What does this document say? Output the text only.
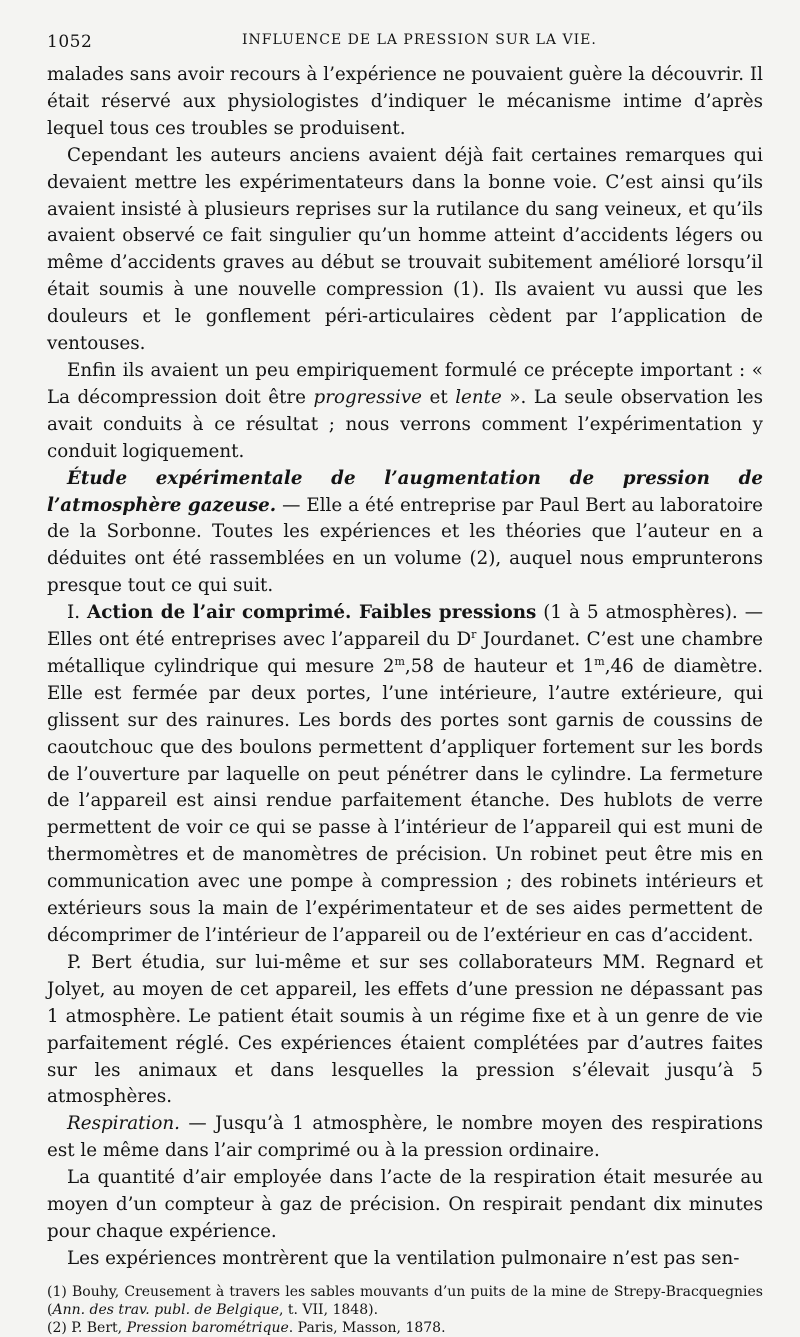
1052	INFLUENCE DE LA PRESSION SUR LA VIE.

malades sans avoir recours à l’expérience ne pouvaient guère la découvrir. Il était réservé aux physiologistes d’indiquer le mécanisme intime d’après lequel tous ces troubles se produisent.

Cependant les auteurs anciens avaient déjà fait certaines remarques qui devaient mettre les expérimentateurs dans la bonne voie. C’est ainsi qu’ils avaient insisté à plusieurs reprises sur la rutilance du sang veineux, et qu’ils avaient observé ce fait singulier qu’un homme atteint d’accidents légers ou même d’accidents graves au début se trouvait subitement amélioré lorsqu’il était soumis à une nouvelle compression (1). Ils avaient vu aussi que les douleurs et le gonflement péri-articulaires cèdent par l’application de ventouses.

Enfin ils avaient un peu empiriquement formulé ce précepte important : « La décompression doit être progressive et lente ». La seule observation les avait conduits à ce résultat ; nous verrons comment l’expérimentation y conduit logiquement.

Étude expérimentale de l’augmentation de pression de l’atmosphère gazeuse. — Elle a été entreprise par Paul Bert au laboratoire de la Sorbonne. Toutes les expériences et les théories que l’auteur en a déduites ont été rassemblées en un volume (2), auquel nous emprunterons presque tout ce qui suit.

I. Action de l’air comprimé. Faibles pressions (1 à 5 atmosphères). — Elles ont été entreprises avec l’appareil du $D^r$ Jourdanet. C’est une chambre métallique cylindrique qui mesure 2$^m$,58 de hauteur et 1$^m$,46 de diamètre. Elle est fermée par deux portes, l’une intérieure, l’autre extérieure, qui glissent sur des rainures. Les bords des portes sont garnis de coussins de caoutchouc que des boulons permettent d’appliquer fortement sur les bords de l’ouverture par laquelle on peut pénétrer dans le cylindre. La fermeture de l’appareil est ainsi rendue parfaitement étanche. Des hublots de verre permettent de voir ce qui se passe à l’intérieur de l’appareil qui est muni de thermomètres et de manomètres de précision. Un robinet peut être mis en communication avec une pompe à compression ; des robinets intérieurs et extérieurs sous la main de l’expérimentateur et de ses aides permettent de décomprimer de l’intérieur de l’appareil ou de l’extérieur en cas d’accident.

P. Bert étudia, sur lui-même et sur ses collaborateurs MM. Regnard et Jolyet, au moyen de cet appareil, les effets d’une pression ne dépassant pas 1 atmosphère. Le patient était soumis à un régime fixe et à un genre de vie parfaitement réglé. Ces expériences étaient complétées par d’autres faites sur les animaux et dans lesquelles la pression s’élevait jusqu’à 5 atmosphères.

Respiration. — Jusqu’à 1 atmosphère, le nombre moyen des respirations est le même dans l’air comprimé ou à la pression ordinaire.

La quantité d’air employée dans l’acte de la respiration était mesurée au moyen d’un compteur à gaz de précision. On respirait pendant dix minutes pour chaque expérience.

Les expériences montrèrent que la ventilation pulmonaire n’est pas sen-

(1) Bouhy, Creusement à travers les sables mouvants d’un puits de la mine de Strepy-Bracquegnies (Ann. des trav. publ. de Belgique, t. VII, 1848).

(2) P. Bert, Pression barométrique. Paris, Masson, 1878.
